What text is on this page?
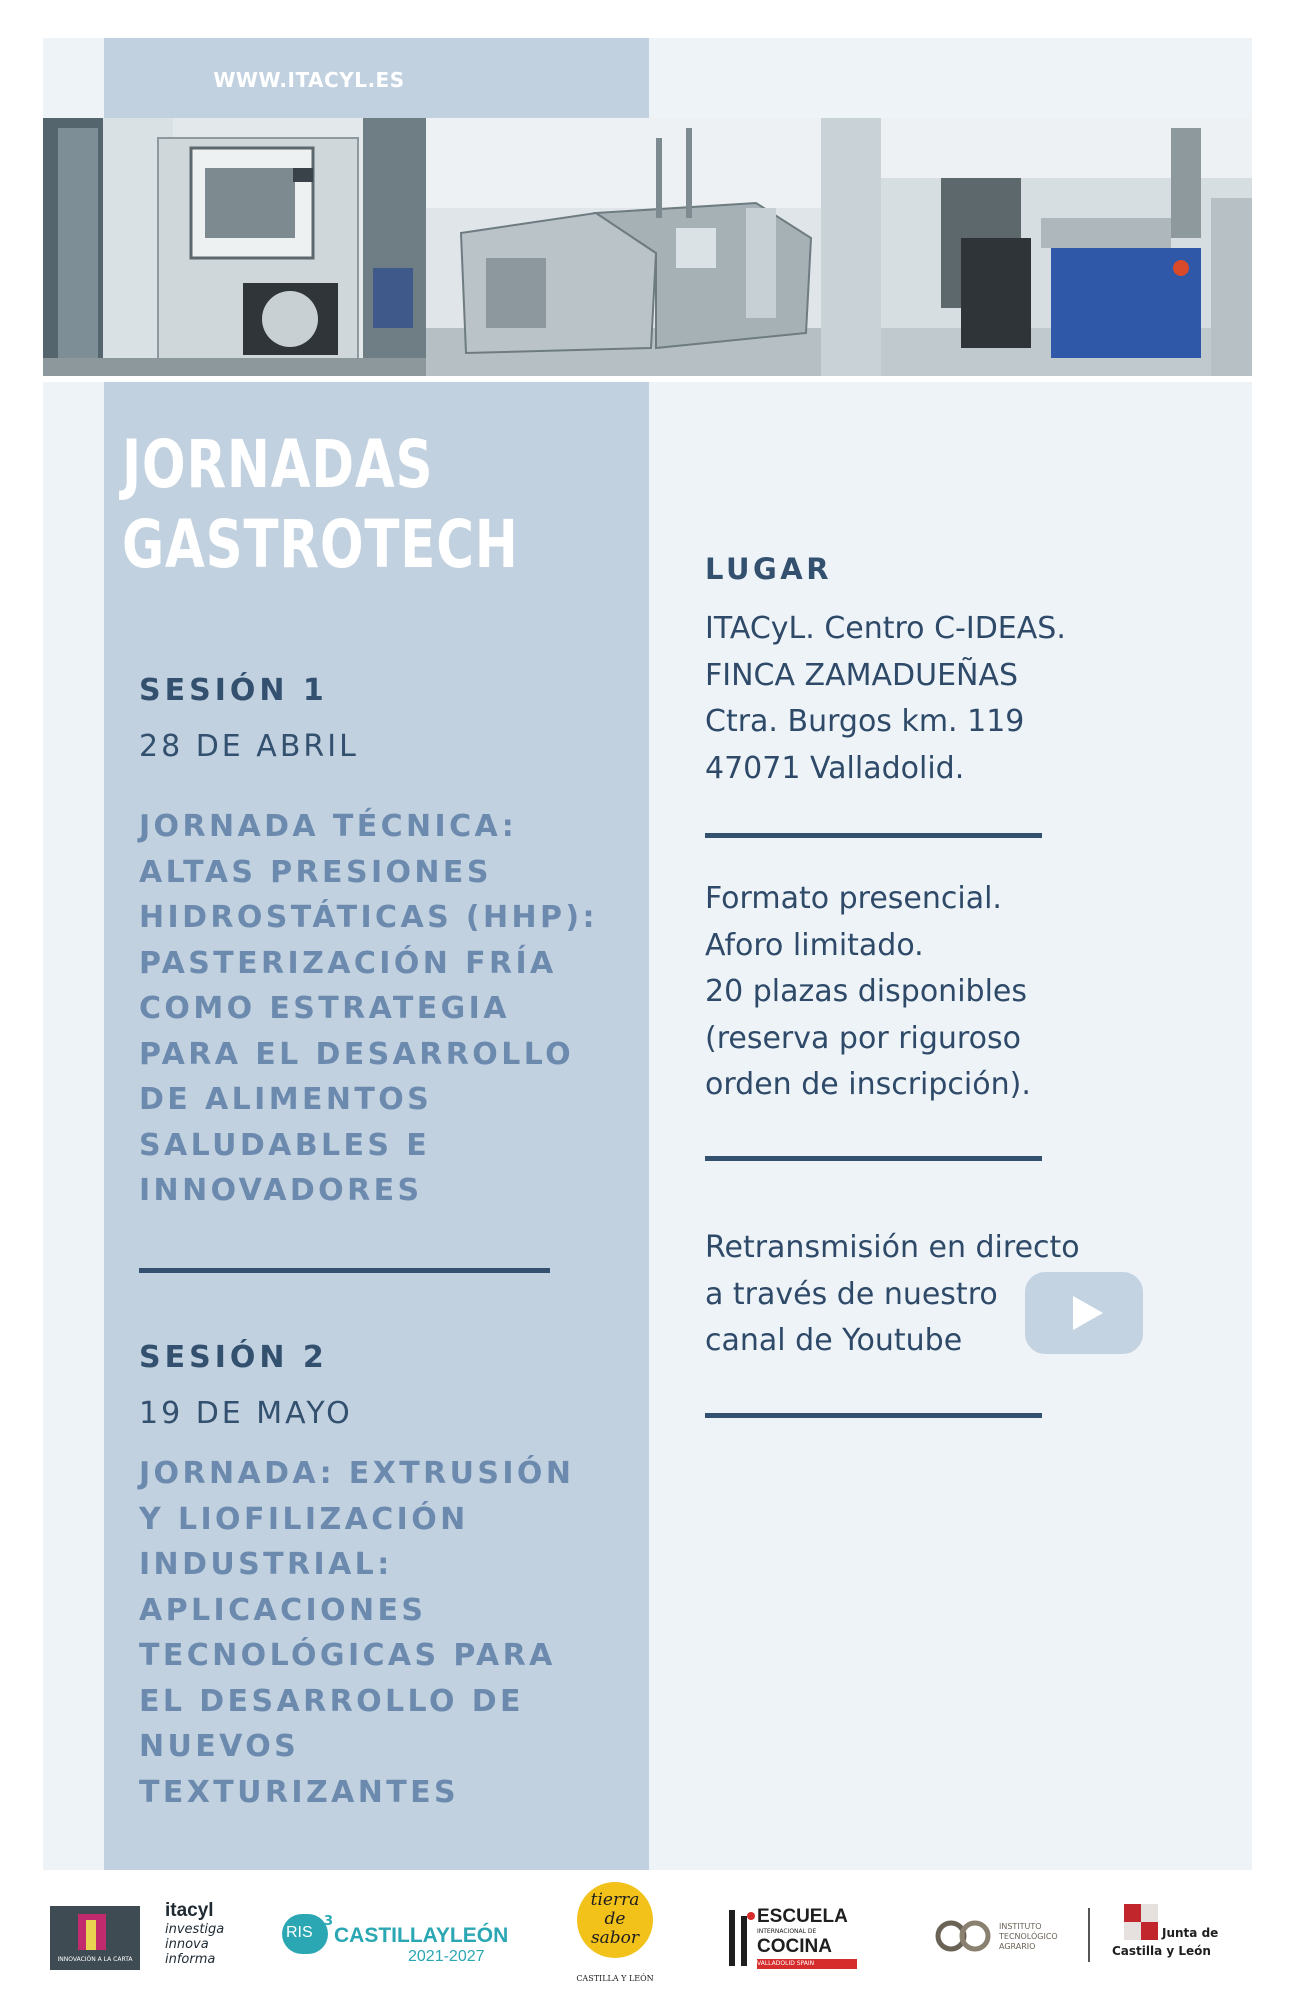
WWW.ITACYL.ES
JORNADAS
GASTROTECH
SESIÓN 1
28 DE ABRIL
JORNADA TÉCNICA:
ALTAS PRESIONES
HIDROSTÁTICAS (HHP):
PASTERIZACIÓN FRÍA
COMO ESTRATEGIA
PARA EL DESARROLLO
DE ALIMENTOS
SALUDABLES E
INNOVADORES
SESIÓN 2
19 DE MAYO
JORNADA: EXTRUSIÓN
Y LIOFILIZACIÓN
INDUSTRIAL:
APLICACIONES
TECNOLÓGICAS PARA
EL DESARROLLO DE
NUEVOS
TEXTURIZANTES
LUGAR
ITACyL. Centro C-IDEAS.
FINCA ZAMADUEÑAS
Ctra. Burgos km. 119
47071 Valladolid.
Formato presencial.
Aforo limitado.
20 plazas disponibles
(reserva por riguroso
orden de inscripción).
Retransmisión en directo
a través de nuestro
canal de Youtube
INNOVACIÓN A LA CARTA
itacyl
investiga
innova
informa
RIS
3
CASTILLAYLEÓN
2021-2027
tierra
de
sabor
CASTILLA Y LEÓN
ESCUELA
INTERNACIONAL DE
COCINA
VALLADOLID SPAIN
INSTITUTO
TECNOLÓGICO
AGRARIO
Junta de
Castilla y León
